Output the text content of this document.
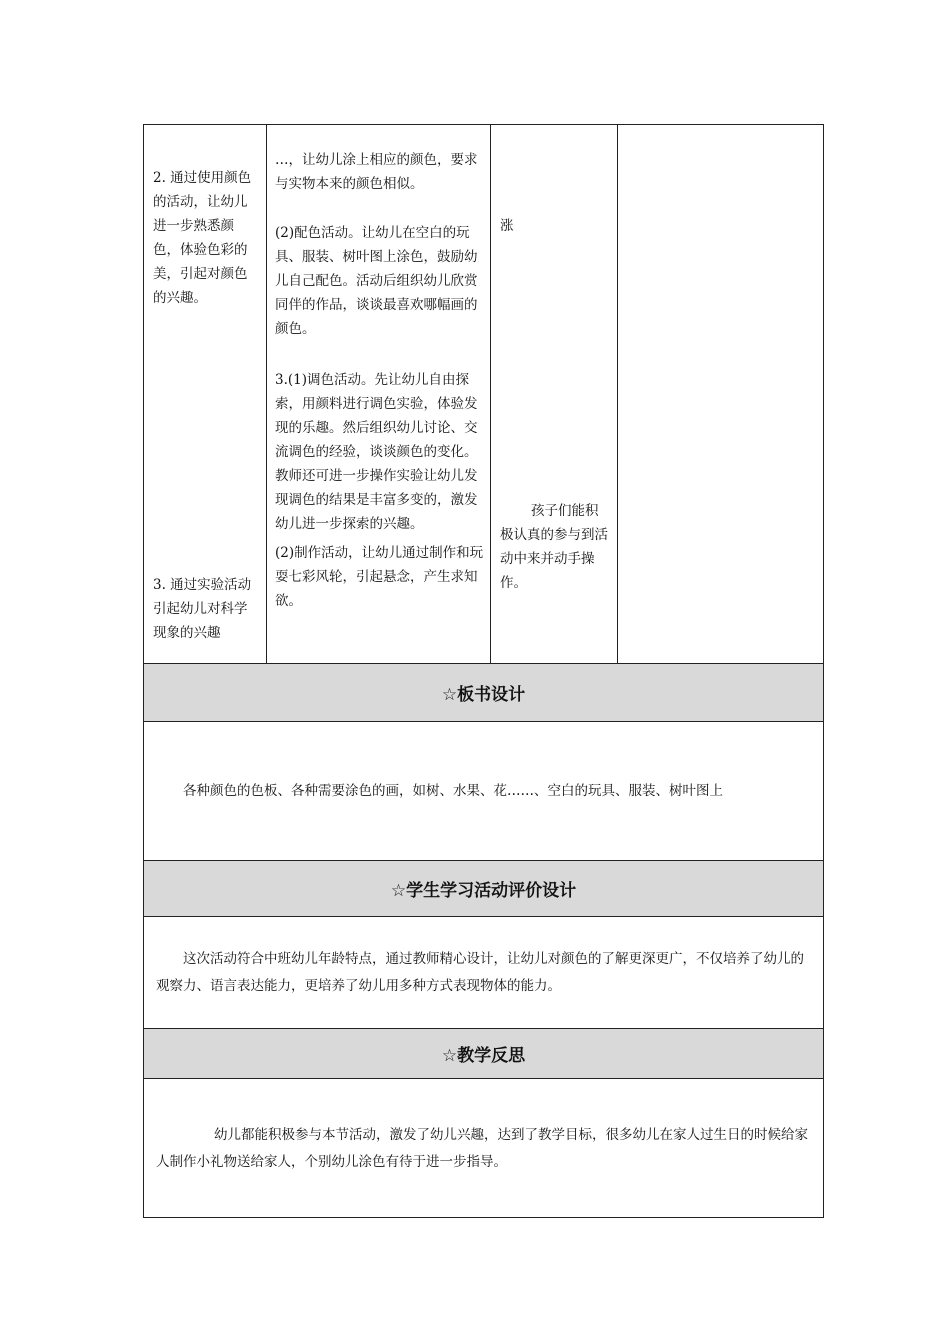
2. 通过使用颜色的活动，让幼儿进一步熟悉颜色，体验色彩的美，引起对颜色的兴趣。
3. 通过实验活动引起幼儿对科学现象的兴趣
…，让幼儿涂上相应的颜色，要求与实物本来的颜色相似。
(2)配色活动。让幼儿在空白的玩具、服装、树叶图上涂色，鼓励幼儿自己配色。活动后组织幼儿欣赏同伴的作品，谈谈最喜欢哪幅画的颜色。
3.(1)调色活动。先让幼儿自由探索，用颜料进行调色实验，体验发现的乐趣。然后组织幼儿讨论、交流调色的经验，谈谈颜色的变化。教师还可进一步操作实验让幼儿发现调色的结果是丰富多变的，激发幼儿进一步探索的兴趣。
(2)制作活动，让幼儿通过制作和玩耍七彩风轮，引起悬念，产生求知欲。
涨
孩子们能积极认真的参与到活动中来并动手操作。
☆板书设计

各种颜色的色板、各种需要涂色的画，如树、水果、花……、空白的玩具、服装、树叶图上

☆学生学习活动评价设计

这次活动符合中班幼儿年龄特点，通过教师精心设计，让幼儿对颜色的了解更深更广，不仅培养了幼儿的观察力、语言表达能力，更培养了幼儿用多种方式表现物体的能力。

☆教学反思

幼儿都能积极参与本节活动，激发了幼儿兴趣，达到了教学目标，很多幼儿在家人过生日的时候给家人制作小礼物送给家人，个别幼儿涂色有待于进一步指导。
